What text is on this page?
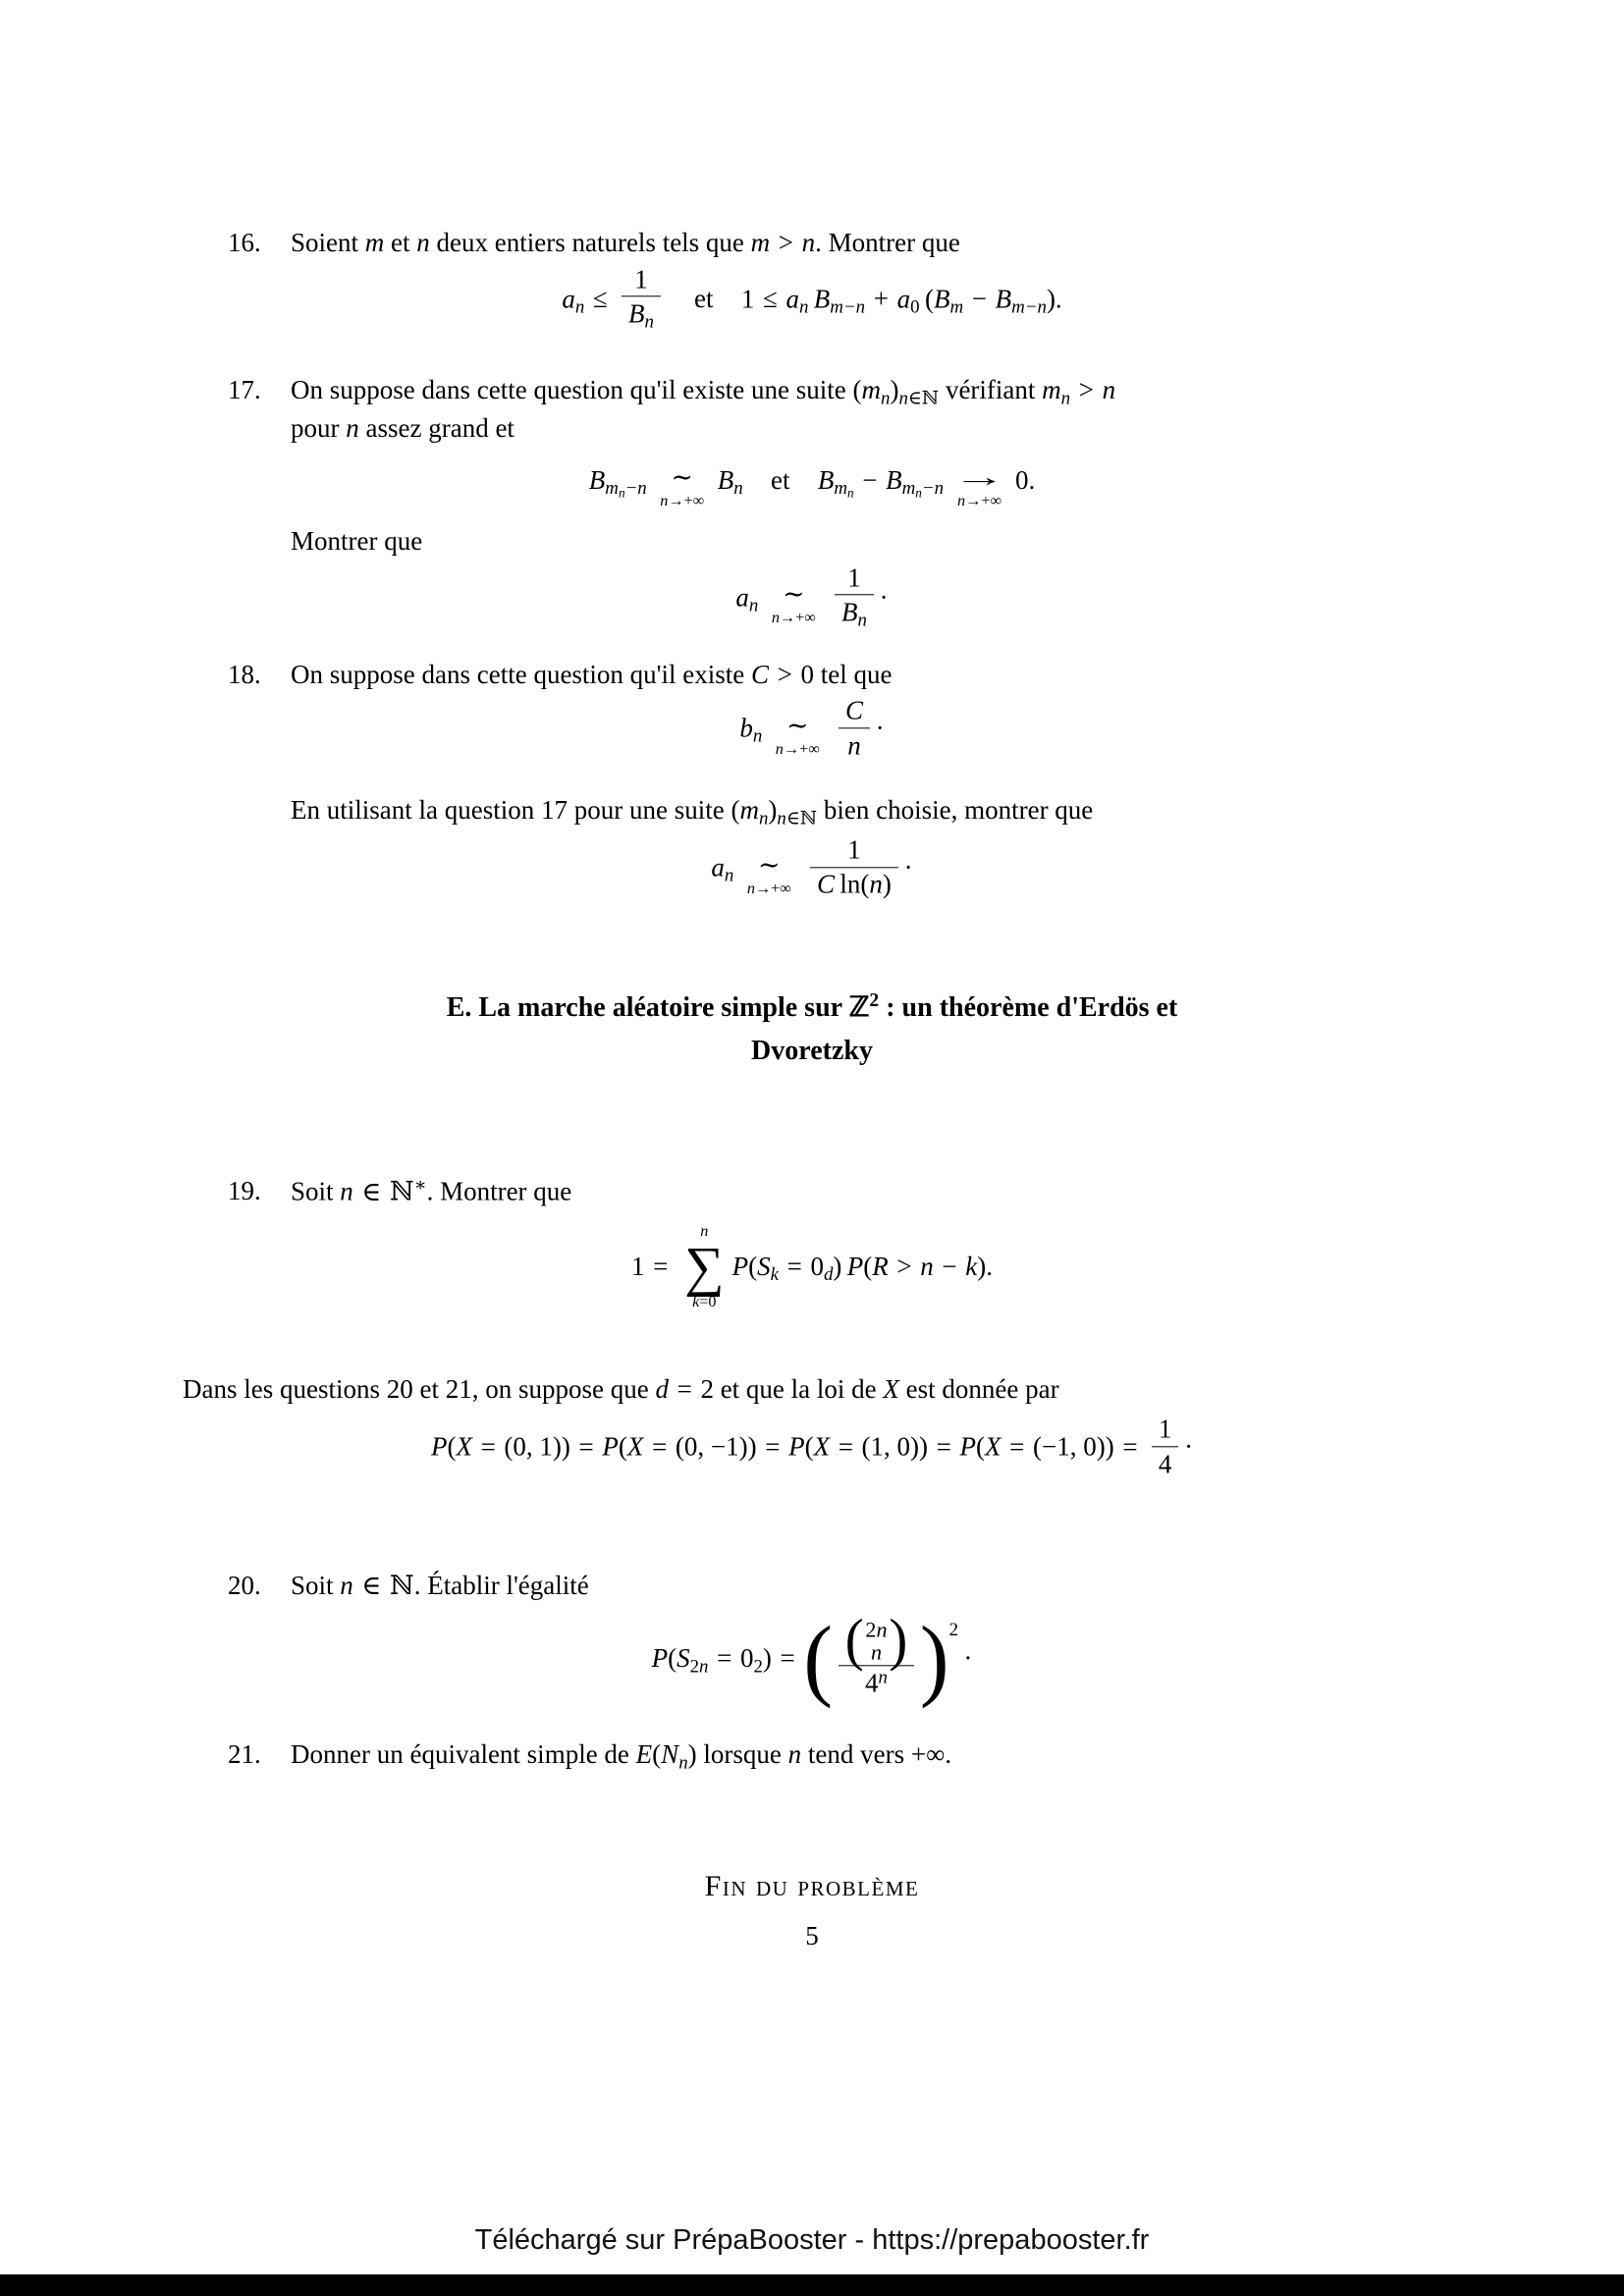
16.	Soient m et n deux entiers naturels tels que m > n. Montrer que

an ≤ $\frac{1}{Bn}$ et 1 ≤ an Bm−n + a0 (Bm − Bm−n).
17.	On suppose dans cette question qu'il existe une suite (mn)n∈ℕ vérifiant mn > n
pour n assez grand et

Bmn−n ∼
n→+∞
Bn et Bmn − Bmn−n →
n→+∞
0.

Montrer que

an ∼
$n\to+\infty \frac{1}{Bn}$ ·
18.	On suppose dans cette question qu'il existe C > 0 tel que

bn ∼
$n\to+\infty \frac{C}{n}$ ·

En utilisant la question 17 pour une suite (mn)n∈ℕ bien choisie, montrer que

an ∼
$n\to+\infty \frac{1}{\text{C ln(n)}}$ ·
E. La marche aléatoire simple sur ℤ$^2$ : un théorème d'Erdös et
Dvoretzky
19.	Soit n ∈ ℕ∗. Montrer que

1 =
n
∑
k=0
P(Sk = 0d) P(R > n − k).

Dans les questions 20 et 21, on suppose que d = 2 et que la loi de X est donnée par

P(X = (0, 1)) = P(X = (0, −1)) = P(X = (1, 0)) = P(X = (−1, $0)) = \frac{1}{4}$ ·
20.	Soit n ∈ ℕ. Établir l'égalité

P(S2n = 02) =( ( 2n
n )
4$^n$ )$^2$·
21.	Donner un équivalent simple de E(Nn) lorsque n tend vers +∞.

Fin du problème

5

Téléchargé sur PrépaBooster - https://prepabooster.fr
